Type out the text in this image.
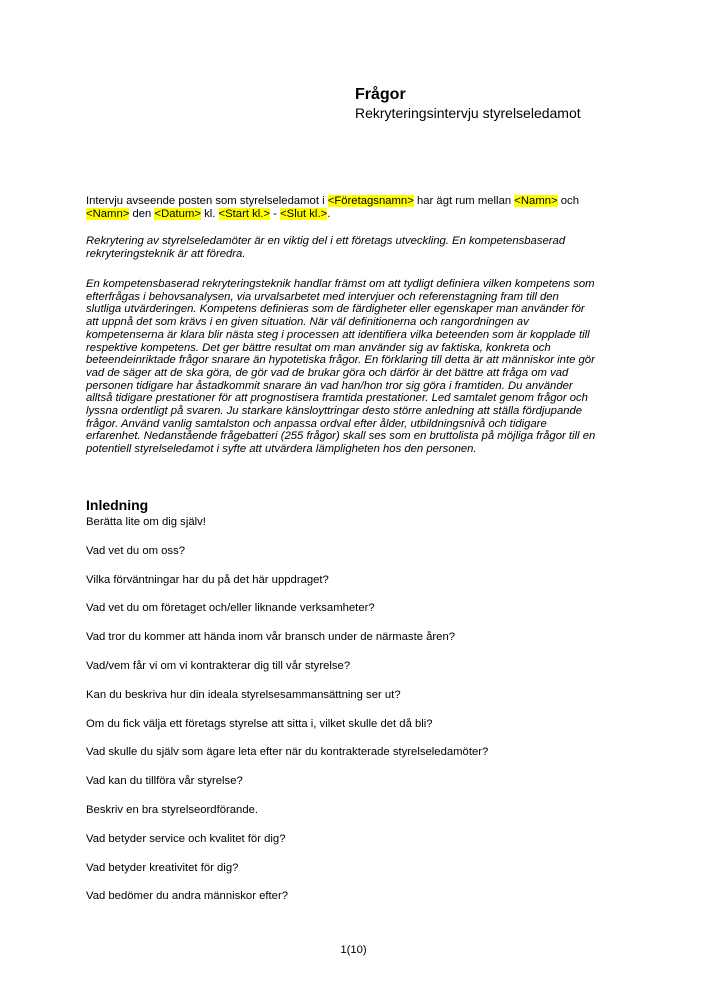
Frågor
Rekryteringsintervju styrelseledamot
Intervju avseende posten som styrelseledamot i <Företagsnamn> har ägt rum mellan <Namn> och
<Namn> den <Datum> kl. <Start kl.> - <Slut kl.>.
Rekrytering av styrelseledamöter är en viktig del i ett företags utveckling. En kompetensbaserad
rekryteringsteknik är att föredra.
En kompetensbaserad rekryteringsteknik handlar främst om att tydligt definiera vilken kompetens som
efterfrågas i behovsanalysen, via urvalsarbetet med intervjuer och referenstagning fram till den
slutliga utvärderingen. Kompetens definieras som de färdigheter eller egenskaper man använder för
att uppnå det som krävs i en given situation. När väl definitionerna och rangordningen av
kompetenserna är klara blir nästa steg i processen att identifiera vilka beteenden som är kopplade till
respektive kompetens. Det ger bättre resultat om man använder sig av faktiska, konkreta och
beteendeinriktade frågor snarare än hypotetiska frågor. En förklaring till detta är att människor inte gör
vad de säger att de ska göra, de gör vad de brukar göra och därför är det bättre att fråga om vad
personen tidigare har åstadkommit snarare än vad han/hon tror sig göra i framtiden. Du använder
alltså tidigare prestationer för att prognostisera framtida prestationer. Led samtalet genom frågor och
lyssna ordentligt på svaren. Ju starkare känsloyttringar desto större anledning att ställa fördjupande
frågor. Använd vanlig samtalston och anpassa ordval efter ålder, utbildningsnivå och tidigare
erfarenhet. Nedanstående frågebatteri (255 frågor) skall ses som en bruttolista på möjliga frågor till en
potentiell styrelseledamot i syfte att utvärdera lämpligheten hos den personen.
Inledning
Berätta lite om dig själv!
Vad vet du om oss?
Vilka förväntningar har du på det här uppdraget?
Vad vet du om företaget och/eller liknande verksamheter?
Vad tror du kommer att hända inom vår bransch under de närmaste åren?
Vad/vem får vi om vi kontrakterar dig till vår styrelse?
Kan du beskriva hur din ideala styrelsesammansättning ser ut?
Om du fick välja ett företags styrelse att sitta i, vilket skulle det då bli?
Vad skulle du själv som ägare leta efter när du kontrakterade styrelseledamöter?
Vad kan du tillföra vår styrelse?
Beskriv en bra styrelseordförande.
Vad betyder service och kvalitet för dig?
Vad betyder kreativitet för dig?
Vad bedömer du andra människor efter?
1(10)
